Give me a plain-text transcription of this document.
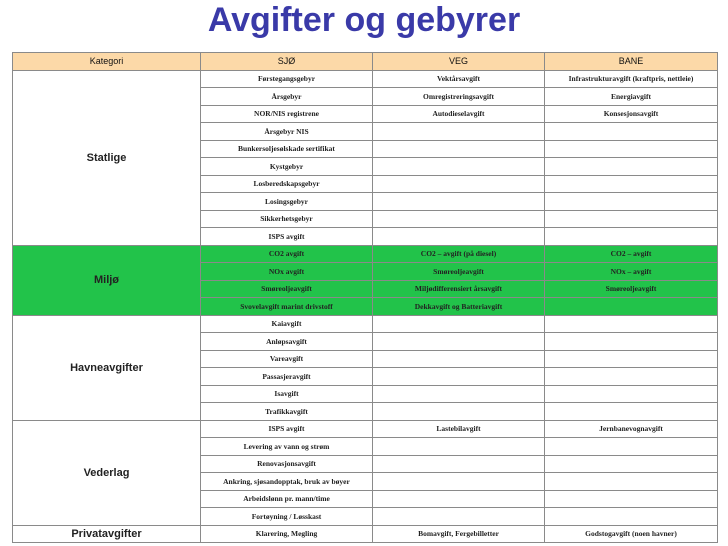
Avgifter og gebyrer
Kategori	SJØ	VEG	BANE
Statlige	Førstegangsgebyr	Vektårsavgift	Infrastrukturavgift (kraftpris, nettleie)
	Årsgebyr	Omregistreringsavgift	Energiavgift
	NOR/NIS registrene	Autodieselavgift	Konsesjonsavgift
	Årsgebyr NIS		
	Bunkersoljesølskade sertifikat		
	Kystgebyr		
	Losberedskapsgebyr		
	Losingsgebyr		
	Sikkerhetsgebyr		
	ISPS avgift		
Miljø	CO2 avgift	CO2 – avgift (på diesel)	CO2 – avgift
	NOx avgift	Smøreoljeavgift	NOx – avgift
	Smøreoljeavgift	Miljødifferensiert årsavgift	Smøreoljeavgift
	Svovelavgift marint drivstoff	Dekkavgift og Batteriavgift	
Havneavgifter	Kaiavgift		
	Anløpsavgift		
	Vareavgift		
	Passasjeravgift		
	Isavgift		
	Trafikkavgift		
Vederlag	ISPS avgift	Lastebilavgift	Jernbanevognavgift
	Levering av vann og strøm		
	Renovasjonsavgift		
	Ankring, sjøsandopptak, bruk av bøyer		
	Arbeidslønn pr. mann/time		
	Fortøyning / Løsskast		
Privatavgifter	Klarering, Megling	Bomavgift, Fergebilletter	Godstogavgift (noen havner)
